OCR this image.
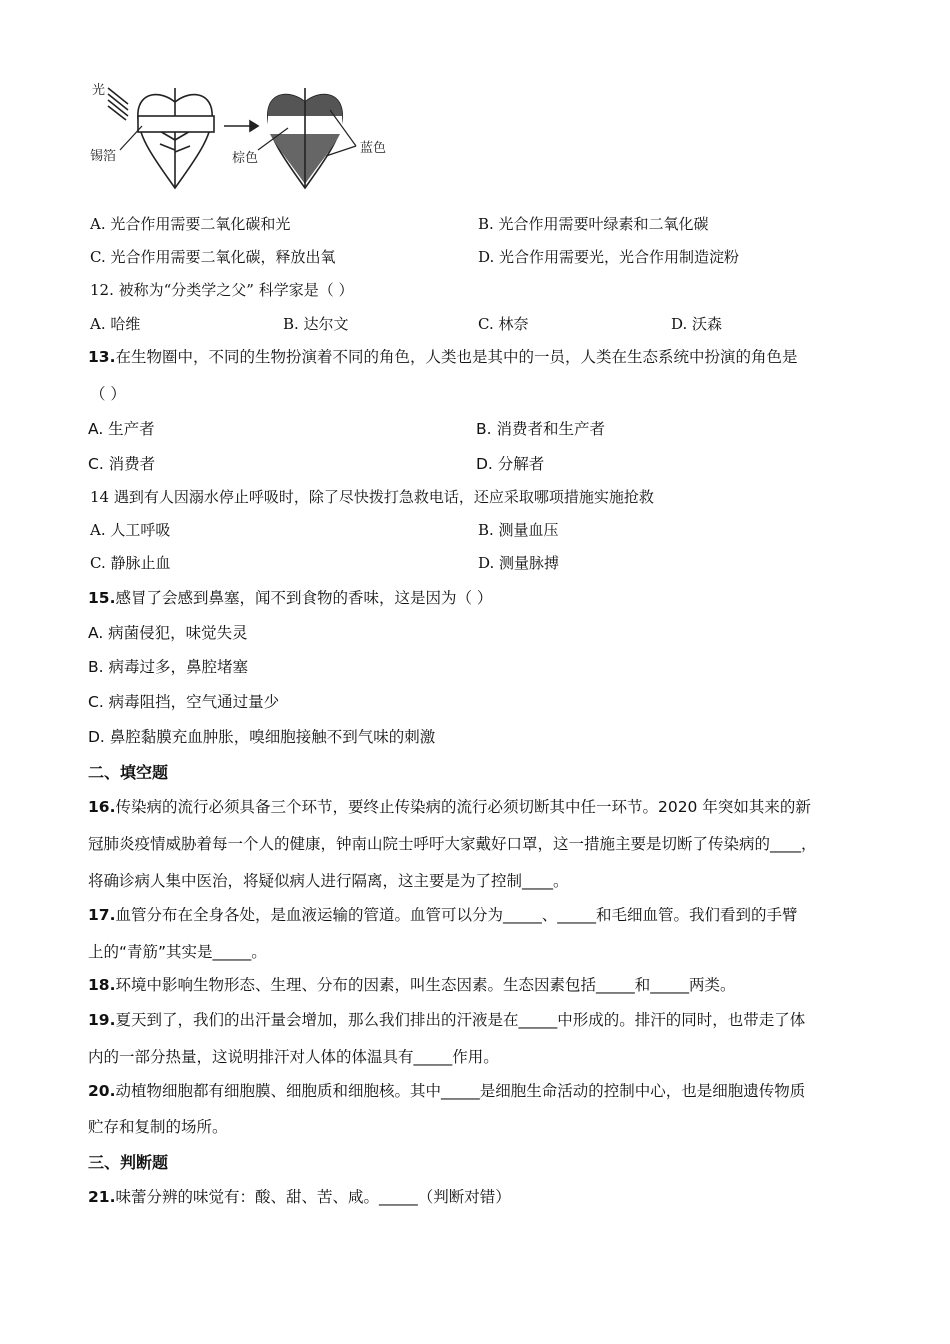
光
锡箔	棕色
蓝色
A. 光合作用需要二氧化碳和光	B. 光合作用需要叶绿素和二氧化碳
C. 光合作用需要二氧化碳，释放出氧	D. 光合作用需要光，光合作用制造淀粉
12. 被称为“分类学之父” 科学家是（ ）
A. 哈维	B. 达尔文	C. 林奈	D. 沃森
13.在生物圈中，不同的生物扮演着不同的角色，人类也是其中的一员，人类在生态系统中扮演的角色是
（ ）
A. 生产者	B. 消费者和生产者
C. 消费者	D. 分解者
14 遇到有人因溺水停止呼吸时，除了尽快拨打急救电话，还应采取哪项措施实施抢救
A. 人工呼吸	B. 测量血压
C. 静脉止血	D. 测量脉搏
15.感冒了会感到鼻塞，闻不到食物的香味，这是因为（ ）
A. 病菌侵犯，味觉失灵
B. 病毒过多，鼻腔堵塞
C. 病毒阻挡，空气通过量少
D. 鼻腔黏膜充血肿胀，嗅细胞接触不到气味的刺激
二、填空题
16.传染病的流行必须具备三个环节，要终止传染病的流行必须切断其中任一环节。2020 年突如其来的新
冠肺炎疫情威胁着每一个人的健康，钟南山院士呼吁大家戴好口罩，这一措施主要是切断了传染病的____，
将确诊病人集中医治，将疑似病人进行隔离，这主要是为了控制____。
17.血管分布在全身各处，是血液运输的管道。血管可以分为_____、_____和毛细血管。我们看到的手臂
上的“青筋”其实是_____。
18.环境中影响生物形态、生理、分布的因素，叫生态因素。生态因素包括_____和_____两类。
19.夏天到了，我们的出汗量会增加，那么我们排出的汗液是在_____中形成的。排汗的同时，也带走了体
内的一部分热量，这说明排汗对人体的体温具有_____作用。
20.动植物细胞都有细胞膜、细胞质和细胞核。其中_____是细胞生命活动的控制中心，也是细胞遗传物质
贮存和复制的场所。
三、判断题
21.味蕾分辨的味觉有：酸、甜、苦、咸。_____（判断对错）
